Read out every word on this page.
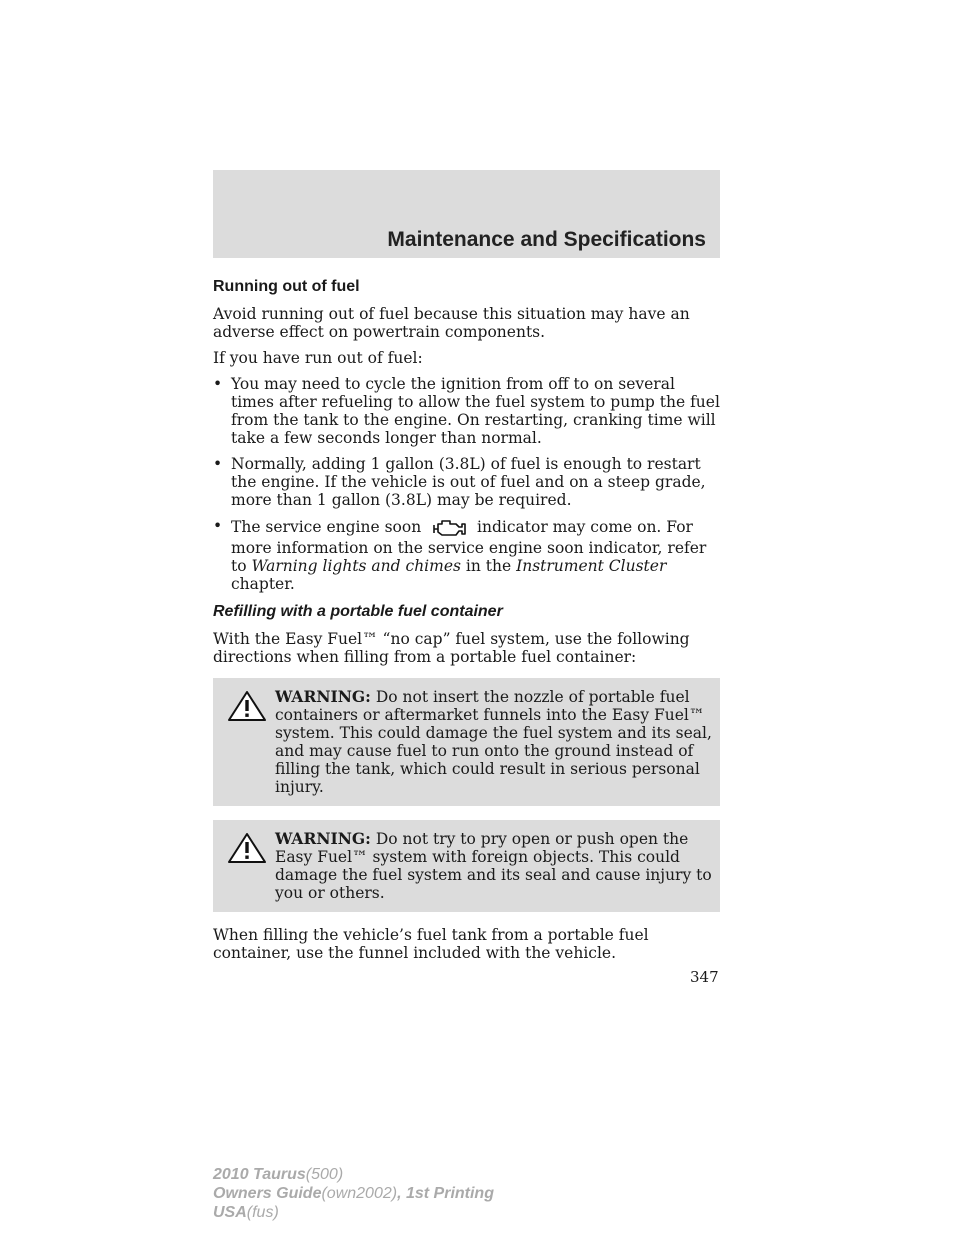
Maintenance and Specifications
Running out of fuel

Avoid running out of fuel because this situation may have an adverse effect on powertrain components.

If you have run out of fuel:

• You may need to cycle the ignition from off to on several times after refueling to allow the fuel system to pump the fuel from the tank to the engine. On restarting, cranking time will take a few seconds longer than normal.
• Normally, adding 1 gallon (3.8L) of fuel is enough to restart the engine. If the vehicle is out of fuel and on a steep grade, more than 1 gallon (3.8L) may be required.
• The service engine soon	indicator may come on. For more information on the service engine soon indicator, refer to Warning lights and chimes in the Instrument Cluster chapter.
Refilling with a portable fuel container

With the Easy Fuel™ “no cap” fuel system, use the following directions when filling from a portable fuel container:

WARNING: Do not insert the nozzle of portable fuel containers or aftermarket funnels into the Easy Fuel™ system. This could damage the fuel system and its seal, and may cause fuel to run onto the ground instead of filling the tank, which could result in serious personal injury.
WARNING: Do not try to pry open or push open the Easy Fuel™ system with foreign objects. This could damage the fuel system and its seal and cause injury to you or others.

When filling the vehicle’s fuel tank from a portable fuel container, use the funnel included with the vehicle.

347
2010 Taurus(500)
Owners Guide(own2002), 1st Printing
USA(fus)
